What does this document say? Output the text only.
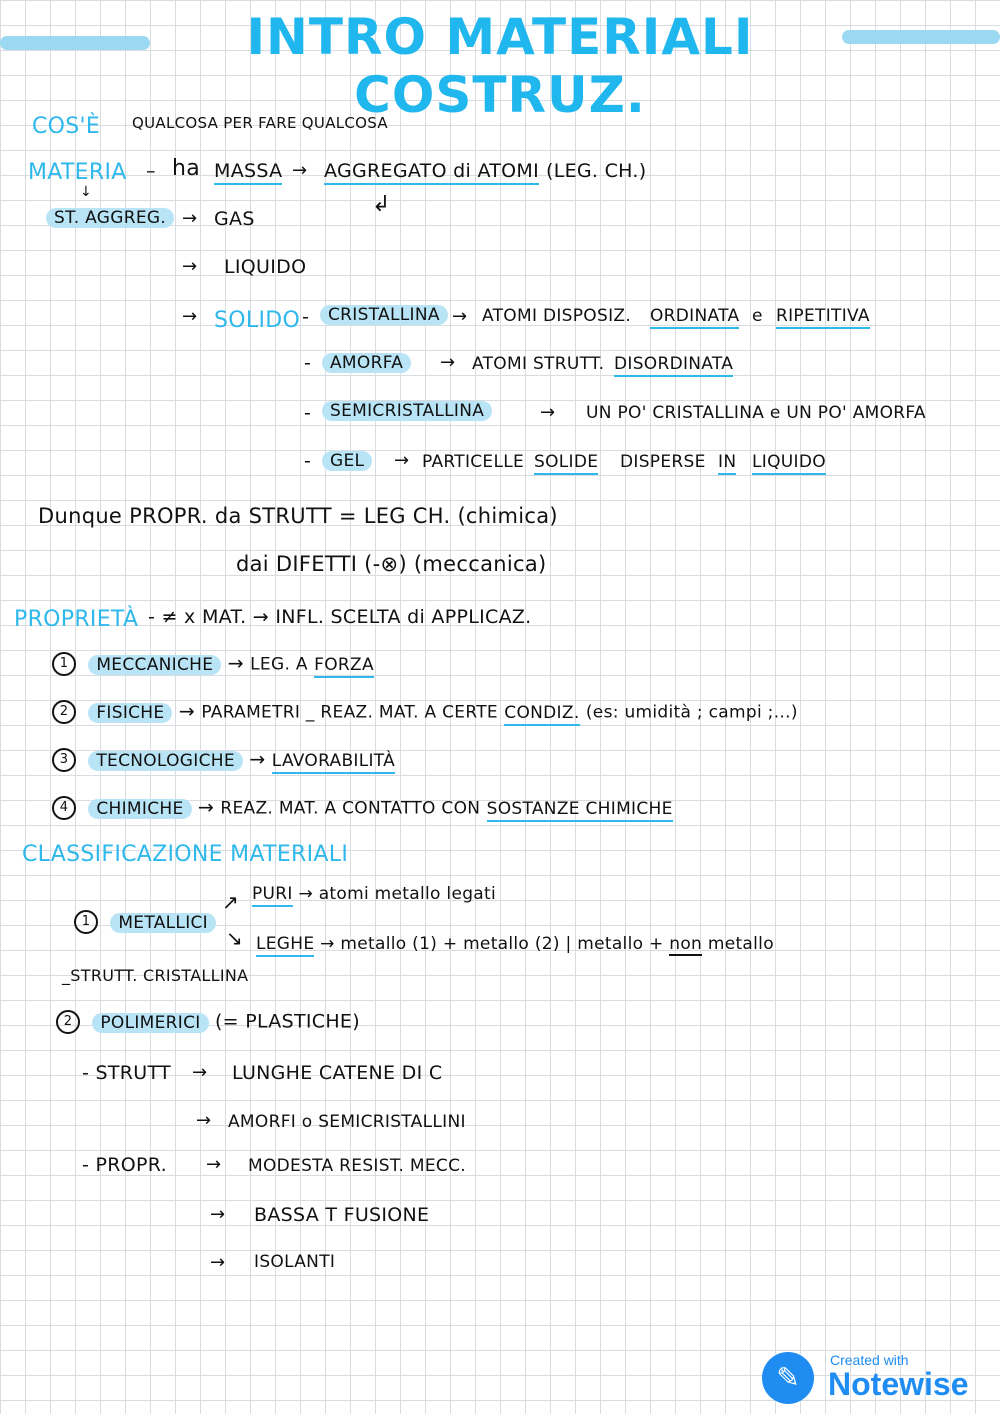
INTRO MATERIALI COSTRUZ.
COS'È QUALCOSA PER FARE QUALCOSA
MATERIA – ha MASSA → AGGREGATO di ATOMI (LEG. CH.)
↲
↓
ST. AGGREG. → GAS
→ LIQUIDO
→ SOLIDO -	CRISTALLINA → ATOMI DISPOSIZ. ORDINATA e RIPETITIVA
-	AMORFA	→ ATOMI STRUTT. DISORDINATA
-	SEMICRISTALLINA	→ UN PO' CRISTALLINA e UN PO' AMORFA
-	GEL	→ PARTICELLE SOLIDE DISPERSE IN LIQUIDO
Dunque PROPR. da STRUTT = LEG CH. (chimica)
dai DIFETTI (-⊗) (meccanica)
PROPRIETÀ - ≠ x MAT. → INFL. SCELTA di APPLICAZ.
1 MECCANICHE → LEG. A FORZA
2 FISICHE → PARAMETRI _ REAZ. MAT. A CERTE CONDIZ. (es: umidità ; campi ;...)
3 TECNOLOGICHE → LAVORABILITÀ
4 CHIMICHE → REAZ. MAT. A CONTATTO CON SOSTANZE CHIMICHE
CLASSIFICAZIONE MATERIALI
1 METALLICI
↗
↘
PURI → atomi metallo legati
LEGHE → metallo (1) + metallo (2) | metallo + non metallo
_STRUTT. CRISTALLINA
2 POLIMERICI (= PLASTICHE)
- STRUTT → LUNGHE CATENE DI C
→ AMORFI o SEMICRISTALLINI
- PROPR. → MODESTA RESIST. MECC.
→ BASSA T FUSIONE
→ ISOLANTI
✎
Created with
Notewise
